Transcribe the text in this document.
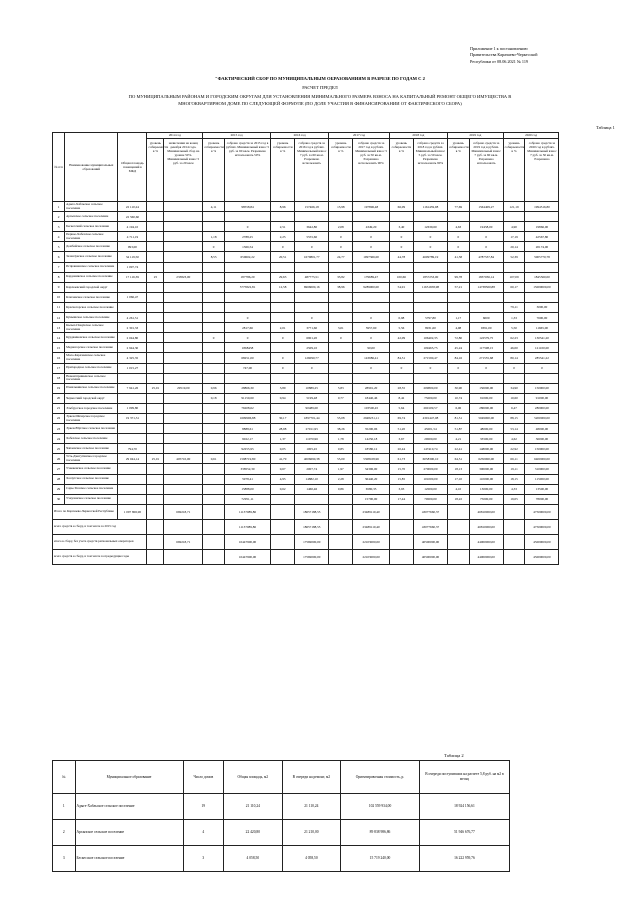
Приложение 1 к постановлению
Правительства Карачаево-Черкесской
Республики от 08.06.2021 № 119
"ФАКТИЧЕСКИЙ СБОР ПО МУНИЦИПАЛЬНЫМ ОБРАЗОВАНИЯМ В РАЗРЕЗЕ ПО ГОДАМ С 2
РАСЧЕТ ПРЕДЕЛ
ПО МУНИЦИПАЛЬНЫМ РАЙОНАМ И ГОРОДСКИМ ОКРУГАМ ДЛЯ УСТАНОВЛЕНИЯ МИНИМАЛЬНОГО РАЗМЕРА ВЗНОСА НА КАПИТАЛЬНЫЙ РЕМОНТ ОБЩЕГО ИМУЩЕСТВА В МНОГОКВАРТИРНОМ ДОМЕ ПО СЛЕДУЮЩЕЙ ФОРМУЛЕ (ПО ДОЛЕ УЧАСТИЯ В ФИНАНСИРОВАНИИ ОТ ФАКТИЧЕСКОГО СБОРА)
Таблица 1
№ п/п	Наименование муниципальных образований	Общая площадь помещений в МКД	2014 год		2015 год		2016 год		2017 год		2018 год		2019 год		2020 год	
			уровень собираемости в %	начисления на конец декабря 2014 года. Минимальный сбор на уровне 50%. Минимальный взнос 5 руб. за 20 кв.м	уровень собираемости в %	собрано средств за 2015 год в рублях. Минимальный взнос 5 руб. за 60 кв.м. Разрешено использовать 50%	уровень собираемости в %	собрано средств за 2016 год в рублях. Минимальный взнос 7 руб. за 60 кв.м. Разрешено использовать	уровень собираемости в %	собрано средств за 2017 год в рублях. Минимальный взнос 5 руб. за 50 кв.м. Разрешено использовать 90%	уровень собираемости в %	собрано средств за 2018 год в рублях. Минимальный взнос 5 руб. за 50 кв.м. Разрешено использовать 90%	уровень собираемости в %	собрано средств за 2019 год в рублях. Минимальный взнос 7 руб. за 60 кв.м. Разрешено использовать	уровень собираемости в %	собрано средств за 2020 год в рублях. Минимальный взнос 7 руб. за 50 кв.м. Разрешено
1	Адыге-Хабльское сельское поселение	22 110,24			4,11	98558,84	8,96	157466,18	13,98	197896,48	66,09	1161439,98	77,69	1564409,27	121,19	1994516,80
2	Архызское сельское поселение	22 560,60														
3	Бескесский сельское поселение	4 194,10				0	2,51	3642,80	2,08	4349,20	3,40	12639,60	4,63	19458,00	4,90	19866,00
4	Первое-Хабезское сельское поселение	4 711,19			1,18	2788,25	2,25	5555,60	0	0	0	0	0	0	17,19	42567,80
5	Домбайское сельское поселение	993,00			0	1366,54	0	0	0	0	0	0	0	0	20,14	20174,00
6	Зеленчукское сельское поселение	34 119,50			8,55	659602,22	20,51	1679801,77	24,77	1997366,00	44,78	4609789,19	41,58	4787537,84	52,39	5005770,78
7	Исправненское сельское поселение	1 097,74														
8	Кардоникское сельское поселение	17 116,39	25	233823,00		187786,20	29,63	487775,51	33,82	179689,47	100,66	1857253,00	99,78	1837036,14	107,09	1845560,00
9	Карачаевский городской округ					5775822,81	12,58	6966000,16	38,96	9289000,00	54,91	11651658,98	57,21	14738500,88	60,17	15000000,00
10	Ключевское сельское поселение	1 066,47														
11	Красногорское сельское поселение														79,11	3000,00
12	Кумышское сельское поселение	4 261,51				0		0		0	0,98	5797,80	1,17	6000	1,33	7600,00
13	Кызыл-Покунское сельское поселение	2 301,33				2817,66	2,01	3771,60	3,01	5957,60	5,56	8931,60	4,98	9391,00	5,50	11665,00
14	Курджиновское сельское поселение	2 044,80			0	0	0	6901,20	0	0	42,09	106402,35	72,80	122579,75	62,23	130541,20
15	Медногорское сельское поселение	2 944,30				1868458		2509,10		90,00		109465,75	45,24	117598,15	46,00	121100,00
16	Мало-Карачаевское сельское поселение	4 325,35				68251,00	0	126090,77		143986,41	84,51	271590,47	84,16	271555,68	80,14	285541,22
17	Пригородное сельское поселение	1 015,27				747,00	0	0		0	0	0	0	0	0	0
18	Новоисправненское сельское поселение															
19	Пхиалькинское сельское поселение	7 941,26	25,01	29519,00	0,96	28866,30	3,89	10889,25	5,83	28991,20	28,55	209800,00	30,90	150000,00	34,90	150000,00
20	Черкесский городской округ				0,18	91150,60	0,94	5199,48	0,77	18440,46	8,42	75000,00	10,74	91000,00	10,60	91000,00
21	Эльбрусское городское поселение	1 099,80				76208,62		90489,00		103500,45	5,64	260109,57	6,06	280000,00	6,47	280000,00
22	Эркен-Шахарское городское поселение	19 371,31				1609996,88	30,17	1897701,44	55,08	2948231,11	69,74	4301447,08	81,51	5049000,00	88,15	5200000,00
23	Эркен-Юртское сельское поселение					8888,61	28,98	27011,95	38,26	35200,06	51,20	45001,54	51,87	48000,00	53,14	48000,00
24	Хабезское сельское поселение					9022,17	1,37	11070,96	1,78	14250,18	3,67	29000,00	4,21	33500,00	4,62	36000,00
25	Чапаевское сельское поселение	794,70				92255,95	0,05	1005,45	0,85	18580,12	20,44	147410,74	22,41	148000,00	22,92	150000,00
26	Усть-Джегутинское городское поселение	29 044,14	25,01	405710,00	0,61	1598719,80	41,79	4006690,38	55,00	5308108,96	61,73	6058300,10	64,51	6250000,00	66,11	6400000,00
27	Учкекенское сельское поселение					338552,30	0,67	2007,74	1,97	34396,00	15,70	270000,00	18,13	300000,00	19,11	310000,00
28	Хасаутское сельское поселение					5978,41	4,95	14882,10	2,28	36440,20	15,85	101000,00	17,10	110000,00	18,15	115000,00
29	Сары-Тюзское сельское поселение					15888,00	0,62	1460,46	0,86	6580,35	3,93	12000,00	4,10	13000,00	4,33	13500,00
30	Учкуланское сельское поселение					72951,11				15790,00	17,44	70000,00	18,22	75000,00	19,05	78000,00
Итого по Карачаево-Черкесской Республике		1 097 806,90		669218,71		11137089,86		18657188,55		23489110,40		43077660,37		46810000,00		47500000,00
всего средств к сбору, в том числе за 2015 год						11137089,86		18657188,55		23489110,40		43077660,37		46810000,00		47500000,00
итого к сбору, без учета средств региональных операторов				669218,71		10447900,00		17569000,00		22103000,00		40500000,00		44000000,00		45000000,00
всего средств к сбору, в том числе за предыдущие годы						10447900,00		17569000,00		22103000,00		40500000,00		44000000,00		45000000,00
Таблица 2
№	Муниципальное образование	Число домов	Общая площадь, м2	В очереди на ремонт, м2	Ориентировочная стоимость, р.	В очереди поступивших на расчете 5,8 руб. на м2 в месяц
1	Адыге-Хабльское сельское поселение	19	21 110,24	21 110,24	102 559 934,00	18 924 156,61
2	Архызское сельское поселение	4	22 420,80	21 210,00	89 838 986,86	51 946 676,77
3	Бескесское сельское поселение	3	4 058,50	4 058,50	15 719 240,00	16 222 959,76
